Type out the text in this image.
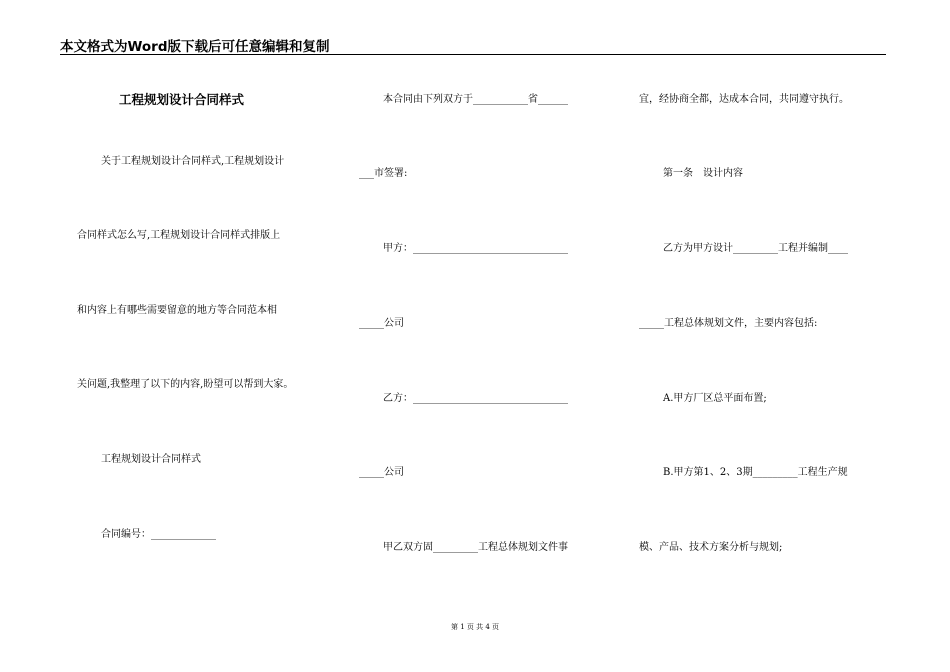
本文格式为Word版下载后可任意编辑和复制
工程规划设计合同样式
关于工程规划设计合同样式,工程规划设计
合同样式怎么写,工程规划设计合同样式排版上
和内容上有哪些需要留意的地方等合同范本相
关问题,我整理了以下的内容,盼望可以帮到大家。
工程规划设计合同样式
合同编号：_____________
本合同由下列双方于___________省______
___市签署:
甲方：_______________________________
_____公司
乙方：_______________________________
_____公司
甲乙双方固_________工程总体规划文件事
宜，经协商全都，达成本合同，共同遵守执行。
第一条　设计内容
乙方为甲方设计_________工程并编制____
_____工程总体规划文件，主要内容包括:
A.甲方厂区总平面布置;
B.甲方第1、2、3期_________工程生产规
模、产品、技术方案分析与规划;
第 1 页 共 4 页
